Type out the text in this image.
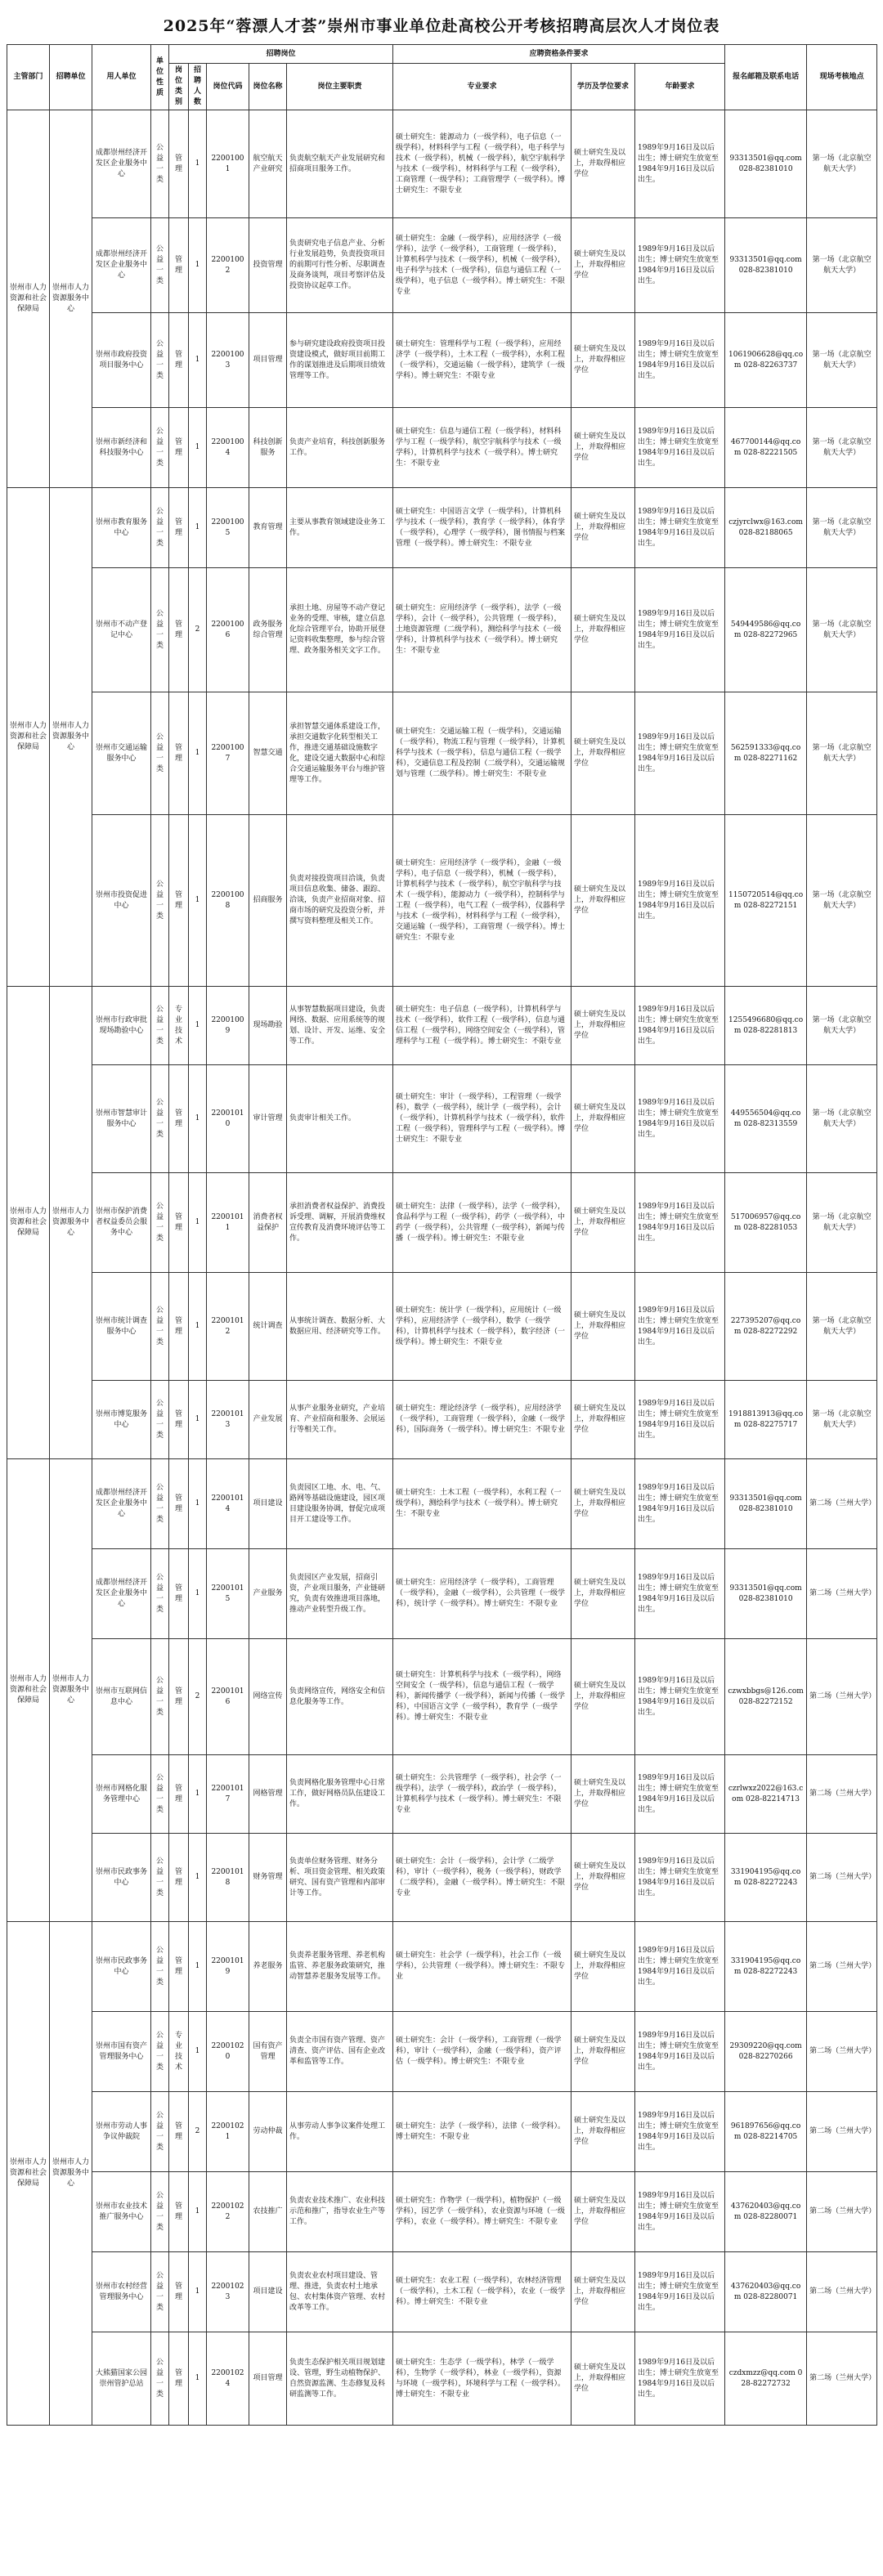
2025年“蓉漂人才荟”崇州市事业单位赴高校公开考核招聘高层次人才岗位表
主管部门	招聘单位	用人单位	单位性质	招聘岗位					应聘资格条件要求			报名邮箱及联系电话	现场考核地点
				岗位类别	招聘人数	岗位代码	岗位名称	岗位主要职责	专业要求	学历及学位要求	年龄要求		
崇州市人力资源和社会保障局	崇州市人力资源服务中心	成都崇州经济开发区企业服务中心	公益一类	管理	1	22001001	航空航天产业研究	负责航空航天产业发展研究和招商项目服务工作。	硕士研究生：能源动力（一级学科），电子信息（一级学科），材料科学与工程（一级学科），电子科学与技术（一级学科），机械（一级学科），航空宇航科学与技术（一级学科），材料科学与工程（一级学科），工商管理（一级学科）；工商管理学（一级学科）。博士研究生：不限专业	硕士研究生及以上，并取得相应学位	1989年9月16日及以后出生；博士研究生放宽至1984年9月16日及以后出生。	93313501@qq.com 028-82381010	第一场（北京航空航天大学）
		成都崇州经济开发区企业服务中心	公益一类	管理	1	22001002	投资管理	负责研究电子信息产业、分析行业发展趋势，负责投资项目的前期可行性分析、尽职调查及商务谈判，项目考察评估及投资协议起草工作。	硕士研究生：金融（一级学科），应用经济学（一级学科），法学（一级学科），工商管理（一级学科），计算机科学与技术（一级学科），机械（一级学科），电子科学与技术（一级学科），信息与通信工程（一级学科），电子信息（一级学科）。博士研究生：不限专业	硕士研究生及以上，并取得相应学位	1989年9月16日及以后出生；博士研究生放宽至1984年9月16日及以后出生。	93313501@qq.com 028-82381010	第一场（北京航空航天大学）
		崇州市政府投资项目服务中心	公益一类	管理	1	22001003	项目管理	参与研究建设政府投资项目投资建设模式，做好项目前期工作的谋划推进及后期项目绩效管理等工作。	硕士研究生：管理科学与工程（一级学科），应用经济学（一级学科），土木工程（一级学科），水利工程（一级学科），交通运输（一级学科），建筑学（一级学科）。博士研究生：不限专业	硕士研究生及以上，并取得相应学位	1989年9月16日及以后出生；博士研究生放宽至1984年9月16日及以后出生。	1061906628@qq.com 028-82263737	第一场（北京航空航天大学）
		崇州市新经济和科技服务中心	公益一类	管理	1	22001004	科技创新服务	负责产业培育，科技创新服务工作。	硕士研究生：信息与通信工程（一级学科），材料科学与工程（一级学科），航空宇航科学与技术（一级学科），计算机科学与技术（一级学科）。博士研究生：不限专业	硕士研究生及以上，并取得相应学位	1989年9月16日及以后出生；博士研究生放宽至1984年9月16日及以后出生。	467700144@qq.com 028-82221505	第一场（北京航空航天大学）
崇州市人力资源和社会保障局	崇州市人力资源服务中心	崇州市教育服务中心	公益一类	管理	1	22001005	教育管理	主要从事教育领域建设业务工作。	硕士研究生：中国语言文学（一级学科），计算机科学与技术（一级学科），教育学（一级学科），体育学（一级学科），心理学（一级学科），图书情报与档案管理（一级学科）。博士研究生：不限专业	硕士研究生及以上，并取得相应学位	1989年9月16日及以后出生；博士研究生放宽至1984年9月16日及以后出生。	czjyrclwx@163.com 028-82188065	第一场（北京航空航天大学）
		崇州市不动产登记中心	公益一类	管理	2	22001006	政务服务综合管理	承担土地、房屋等不动产登记业务的受理、审核，建立信息化综合管理平台，协助开展登记资料收集整理，参与综合管理、政务服务相关文字工作。	硕士研究生：应用经济学（一级学科），法学（一级学科），会计（一级学科），公共管理（一级学科），土地资源管理（二级学科），测绘科学与技术（一级学科），计算机科学与技术（一级学科）。博士研究生：不限专业	硕士研究生及以上，并取得相应学位	1989年9月16日及以后出生；博士研究生放宽至1984年9月16日及以后出生。	549449586@qq.com 028-82272965	第一场（北京航空航天大学）
		崇州市交通运输服务中心	公益一类	管理	1	22001007	智慧交通	承担智慧交通体系建设工作，承担交通数字化转型相关工作，推进交通基础设施数字化，建设交通大数据中心和综合交通运输服务平台与维护管理等工作。	硕士研究生：交通运输工程（一级学科），交通运输（一级学科），物流工程与管理（一级学科），计算机科学与技术（一级学科），信息与通信工程（一级学科），交通信息工程及控制（二级学科），交通运输规划与管理（二级学科）。博士研究生：不限专业	硕士研究生及以上，并取得相应学位	1989年9月16日及以后出生；博士研究生放宽至1984年9月16日及以后出生。	562591333@qq.com 028-82271162	第一场（北京航空航天大学）
		崇州市投资促进中心	公益一类	管理	1	22001008	招商服务	负责对接投资项目洽谈，负责项目信息收集、储备、跟踪、洽谈，负责产业招商对象、招商市场的研究及投资分析，并撰写资料整理及相关工作。	硕士研究生：应用经济学（一级学科），金融（一级学科），电子信息（一级学科），机械（一级学科），计算机科学与技术（一级学科），航空宇航科学与技术（一级学科），能源动力（一级学科），控制科学与工程（一级学科），电气工程（一级学科），仪器科学与技术（一级学科），材料科学与工程（一级学科），交通运输（一级学科），工商管理（一级学科）。博士研究生：不限专业	硕士研究生及以上，并取得相应学位	1989年9月16日及以后出生；博士研究生放宽至1984年9月16日及以后出生。	1150720514@qq.com 028-82272151	第一场（北京航空航天大学）
崇州市人力资源和社会保障局	崇州市人力资源服务中心	崇州市行政审批现场勘验中心	公益一类	专业技术	1	22001009	现场勘验	从事智慧数据项目建设，负责网络、数据、应用系统等的规划、设计、开发、运维、安全等工作。	硕士研究生：电子信息（一级学科），计算机科学与技术（一级学科），软件工程（一级学科），信息与通信工程（一级学科），网络空间安全（一级学科），管理科学与工程（一级学科）。博士研究生：不限专业	硕士研究生及以上，并取得相应学位	1989年9月16日及以后出生；博士研究生放宽至1984年9月16日及以后出生。	1255496680@qq.com 028-82281813	第一场（北京航空航天大学）
		崇州市智慧审计服务中心	公益一类	管理	1	22001010	审计管理	负责审计相关工作。	硕士研究生：审计（一级学科），工程管理（一级学科），数学（一级学科），统计学（一级学科），会计（一级学科），计算机科学与技术（一级学科），软件工程（一级学科），管理科学与工程（一级学科）。博士研究生：不限专业	硕士研究生及以上，并取得相应学位	1989年9月16日及以后出生；博士研究生放宽至1984年9月16日及以后出生。	449556504@qq.com 028-82313559	第一场（北京航空航天大学）
		崇州市保护消费者权益委员会服务中心	公益一类	管理	1	22001011	消费者权益保护	承担消费者权益保护、消费投诉受理、调解，开展消费维权宣传教育及消费环境评估等工作。	硕士研究生：法律（一级学科），法学（一级学科），食品科学与工程（一级学科），药学（一级学科），中药学（一级学科），公共管理（一级学科），新闻与传播（一级学科）。博士研究生：不限专业	硕士研究生及以上，并取得相应学位	1989年9月16日及以后出生；博士研究生放宽至1984年9月16日及以后出生。	517006957@qq.com 028-82281053	第一场（北京航空航天大学）
		崇州市统计调查服务中心	公益一类	管理	1	22001012	统计调查	从事统计调查、数据分析、大数据应用、经济研究等工作。	硕士研究生：统计学（一级学科），应用统计（一级学科），应用经济学（一级学科），数学（一级学科），计算机科学与技术（一级学科），数字经济（一级学科）。博士研究生：不限专业	硕士研究生及以上，并取得相应学位	1989年9月16日及以后出生；博士研究生放宽至1984年9月16日及以后出生。	227395207@qq.com 028-82272292	第一场（北京航空航天大学）
		崇州市博览服务中心	公益一类	管理	1	22001013	产业发展	从事产业服务业研究，产业培育、产业招商和服务、会展运行等相关工作。	硕士研究生：理论经济学（一级学科），应用经济学（一级学科），工商管理（一级学科），金融（一级学科），国际商务（一级学科）。博士研究生：不限专业	硕士研究生及以上，并取得相应学位	1989年9月16日及以后出生；博士研究生放宽至1984年9月16日及以后出生。	1918813913@qq.com 028-82275717	第一场（北京航空航天大学）
崇州市人力资源和社会保障局	崇州市人力资源服务中心	成都崇州经济开发区企业服务中心	公益一类	管理	1	22001014	项目建设	负责园区工地、水、电、气、路网等基础设施建设，园区项目建设服务协调，督促完成项目开工建设等工作。	硕士研究生：土木工程（一级学科），水利工程（一级学科），测绘科学与技术（一级学科）。博士研究生：不限专业	硕士研究生及以上，并取得相应学位	1989年9月16日及以后出生；博士研究生放宽至1984年9月16日及以后出生。	93313501@qq.com 028-82381010	第二场（兰州大学）
		成都崇州经济开发区企业服务中心	公益一类	管理	1	22001015	产业服务	负责园区产业发展，招商引资，产业项目服务，产业链研究，负责有效推进项目落地，推动产业转型升级工作。	硕士研究生：应用经济学（一级学科），工商管理（一级学科），金融（一级学科），公共管理（一级学科），统计学（一级学科）。博士研究生：不限专业	硕士研究生及以上，并取得相应学位	1989年9月16日及以后出生；博士研究生放宽至1984年9月16日及以后出生。	93313501@qq.com 028-82381010	第二场（兰州大学）
		崇州市互联网信息中心	公益一类	管理	2	22001016	网络宣传	负责网络宣传，网络安全和信息化服务等工作。	硕士研究生：计算机科学与技术（一级学科），网络空间安全（一级学科），信息与通信工程（一级学科），新闻传播学（一级学科），新闻与传播（一级学科），中国语言文学（一级学科），教育学（一级学科）。博士研究生：不限专业	硕士研究生及以上，并取得相应学位	1989年9月16日及以后出生；博士研究生放宽至1984年9月16日及以后出生。	czwxbbgs@126.com 028-82272152	第二场（兰州大学）
		崇州市网格化服务管理中心	公益一类	管理	1	22001017	网格管理	负责网格化服务管理中心日常工作，做好网格员队伍建设工作。	硕士研究生：公共管理学（一级学科），社会学（一级学科），法学（一级学科），政治学（一级学科），计算机科学与技术（一级学科）。博士研究生：不限专业	硕士研究生及以上，并取得相应学位	1989年9月16日及以后出生；博士研究生放宽至1984年9月16日及以后出生。	czrlwxz2022@163.com 028-82214713	第二场（兰州大学）
		崇州市民政事务中心	公益一类	管理	1	22001018	财务管理	负责单位财务管理、财务分析、项目资金管理、相关政策研究、国有资产管理和内部审计等工作。	硕士研究生：会计（一级学科），会计学（二级学科），审计（一级学科），税务（一级学科），财政学（二级学科），金融（一级学科）。博士研究生：不限专业	硕士研究生及以上，并取得相应学位	1989年9月16日及以后出生；博士研究生放宽至1984年9月16日及以后出生。	331904195@qq.com 028-82272243	第二场（兰州大学）
崇州市人力资源和社会保障局	崇州市人力资源服务中心	崇州市民政事务中心	公益一类	管理	1	22001019	养老服务	负责养老服务管理、养老机构监管、养老服务政策研究，推动智慧养老服务发展等工作。	硕士研究生：社会学（一级学科），社会工作（一级学科），公共管理（一级学科）。博士研究生：不限专业	硕士研究生及以上，并取得相应学位	1989年9月16日及以后出生；博士研究生放宽至1984年9月16日及以后出生。	331904195@qq.com 028-82272243	第二场（兰州大学）
		崇州市国有资产管理服务中心	公益一类	专业技术	1	22001020	国有资产管理	负责全市国有资产管理、资产清查、资产评估、国有企业改革和监管等工作。	硕士研究生：会计（一级学科），工商管理（一级学科），审计（一级学科），金融（一级学科），资产评估（一级学科）。博士研究生：不限专业	硕士研究生及以上，并取得相应学位	1989年9月16日及以后出生；博士研究生放宽至1984年9月16日及以后出生。	29309220@qq.com 028-82270266	第二场（兰州大学）
		崇州市劳动人事争议仲裁院	公益一类	管理	2	22001021	劳动仲裁	从事劳动人事争议案件处理工作。	硕士研究生：法学（一级学科），法律（一级学科）。博士研究生：不限专业	硕士研究生及以上，并取得相应学位	1989年9月16日及以后出生；博士研究生放宽至1984年9月16日及以后出生。	961897656@qq.com 028-82214705	第二场（兰州大学）
		崇州市农业技术推广服务中心	公益一类	管理	1	22001022	农技推广	负责农业技术推广、农业科技示范和推广，指导农业生产等工作。	硕士研究生：作物学（一级学科），植物保护（一级学科），园艺学（一级学科），农业资源与环境（一级学科），农业（一级学科）。博士研究生：不限专业	硕士研究生及以上，并取得相应学位	1989年9月16日及以后出生；博士研究生放宽至1984年9月16日及以后出生。	437620403@qq.com 028-82280071	第二场（兰州大学）
		崇州市农村经营管理服务中心	公益一类	管理	1	22001023	项目建设	负责农业农村项目建设、管理、推进，负责农村土地承包、农村集体资产管理、农村改革等工作。	硕士研究生：农业工程（一级学科），农林经济管理（一级学科），土木工程（一级学科），农业（一级学科）。博士研究生：不限专业	硕士研究生及以上，并取得相应学位	1989年9月16日及以后出生；博士研究生放宽至1984年9月16日及以后出生。	437620403@qq.com 028-82280071	第二场（兰州大学）
		大熊猫国家公园崇州管护总站	公益一类	管理	1	22001024	项目管理	负责生态保护相关项目规划建设、管理，野生动植物保护、自然资源监测、生态修复及科研监测等工作。	硕士研究生：生态学（一级学科），林学（一级学科），生物学（一级学科），林业（一级学科），资源与环境（一级学科），环境科学与工程（一级学科）。博士研究生：不限专业	硕士研究生及以上，并取得相应学位	1989年9月16日及以后出生；博士研究生放宽至1984年9月16日及以后出生。	czdxmzz@qq.com 028-82272732	第二场（兰州大学）
